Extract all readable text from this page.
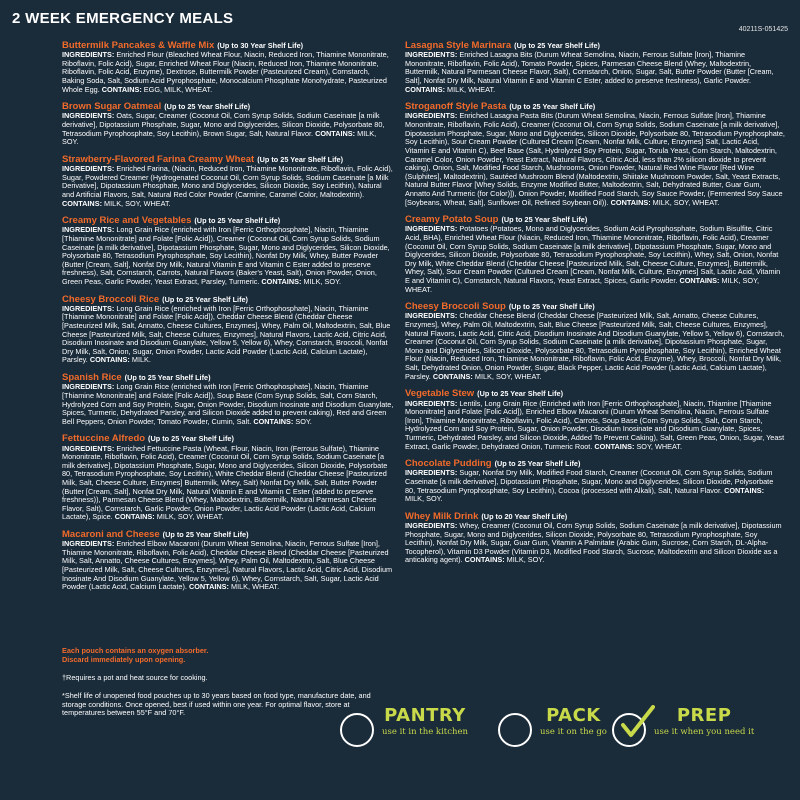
2 WEEK EMERGENCY MEALS
40211S-051425
Buttermilk Pancakes & Waffle Mix (Up to 30 Year Shelf Life)
INGREDIENTS: Enriched Flour (Bleached Wheat Flour, Niacin, Reduced Iron, Thiamine Mononitrate, Riboflavin, Folic Acid), Sugar, Enriched Wheat Flour (Niacin, Reduced Iron, Thiamine Mononitrate, Riboflavin, Folic Acid, Enzyme), Dextrose, Buttermilk Powder (Pasteurized Cream), Cornstarch, Baking Soda, Salt, Sodium Acid Pyrophosphate, Monocalcium Phosphate Monohydrate, Pasteurized Whole Egg. CONTAINS: EGG, MILK, WHEAT.
Brown Sugar Oatmeal (Up to 25 Year Shelf Life)
INGREDIENTS: Oats, Sugar, Creamer (Coconut Oil, Corn Syrup Solids, Sodium Caseinate [a milk derivative], Dipotassium Phosphate, Sugar, Mono and Diglycerides, Silicon Dioxide, Polysorbate 80, Tetrasodium Pyrophosphate, Soy Lecithin), Brown Sugar, Salt, Natural Flavor. CONTAINS: MILK, SOY.
Strawberry-Flavored Farina Creamy Wheat (Up to 25 Year Shelf Life)
INGREDIENTS: Enriched Farina, (Niacin, Reduced Iron, Thiamine Mononitrate, Riboflavin, Folic Acid), Sugar, Powdered Creamer (Hydrogenated Coconut Oil, Corn Syrup Solids, Sodium Caseinate [a Milk Derivative], Dipotassium Phosphate, Mono and Diglycerides, Silicon Dioxide, Soy Lecithin), Natural and Artificial Flavors, Salt, Natural Red Color Powder (Carmine, Caramel Color, Maltodextrin). CONTAINS: MILK, SOY, WHEAT.
Creamy Rice and Vegetables (Up to 25 Year Shelf Life)
INGREDIENTS: Long Grain Rice (enriched with Iron [Ferric Orthophosphate], Niacin, Thiamine [Thiamine Mononitrate] and Folate [Folic Acid]), Creamer (Coconut Oil, Corn Syrup Solids, Sodium Caseinate [a milk derivative], Dipotassium Phosphate, Sugar, Mono and Diglycerides, Silicon Dioxide, Polysorbate 80, Tetrasodium Pyrophosphate, Soy Lecithin), Nonfat Dry Milk, Whey, Butter Powder (Butter [Cream, Salt], Nonfat Dry Milk, Natural Vitamin E and Vitamin C Ester added to preserve freshness), Salt, Cornstarch, Carrots, Natural Flavors (Baker's Yeast, Salt), Onion Powder, Onion, Green Peas, Garlic Powder, Yeast Extract, Parsley, Turmeric. CONTAINS: MILK, SOY.
Cheesy Broccoli Rice (Up to 25 Year Shelf Life)
INGREDIENTS: Long Grain Rice (enriched with Iron [Ferric Orthophosphate], Niacin, Thiamine [Thiamine Mononitrate] and Folate [Folic Acid]), Cheddar Cheese Blend (Cheddar Cheese [Pasteurized Milk, Salt, Annatto, Cheese Cultures, Enzymes], Whey, Palm Oil, Maltodextrin, Salt, Blue Cheese [Pasteurized Milk, Salt, Cheese Cultures, Enzymes], Natural Flavors, Lactic Acid, Citric Acid, Disodium Inosinate and Disodium Guanylate, Yellow 5, Yellow 6), Whey, Cornstarch, Broccoli, Nonfat Dry Milk, Salt, Onion, Sugar, Onion Powder, Lactic Acid Powder (Lactic Acid, Calcium Lactate), Parsley. CONTAINS: MILK.
Spanish Rice (Up to 25 Year Shelf Life)
INGREDIENTS: Long Grain Rice (enriched with Iron [Ferric Orthophosphate], Niacin, Thiamine [Thiamine Mononitrate] and Folate [Folic Acid]), Soup Base (Corn Syrup Solids, Salt, Corn Starch, Hydrolyzed Corn and Soy Protein, Sugar, Onion Powder, Disodium Inosinate and Disodium Guanylate, Spices, Turmeric, Dehydrated Parsley, and Silicon Dioxide added to prevent caking), Red and Green Bell Peppers, Onion Powder, Tomato Powder, Cumin, Salt. CONTAINS: SOY.
Fettuccine Alfredo (Up to 25 Year Shelf Life)
INGREDIENTS: Enriched Fettuccine Pasta (Wheat, Flour, Niacin, Iron (Ferrous Sulfate), Thiamine Mononitrate, Riboflavin, Folic Acid), Creamer (Coconut Oil, Corn Syrup Solids, Sodium Caseinate [a milk derivative], Dipotassium Phosphate, Sugar, Mono and Diglycerides, Silicon Dioxide, Polysorbate 80, Tetrasodium Pyrophosphate, Soy Lecithin), White Cheddar Blend (Cheddar Cheese [Pasteurized Milk, Salt, Cheese Culture, Enzymes] Buttermilk, Whey, Salt) Nonfat Dry Milk, Salt, Butter Powder (Butter [Cream, Salt], Nonfat Dry Milk, Natural Vitamin E and Vitamin C Ester (added to preserve freshness)), Parmesan Cheese Blend (Whey, Maltodextrin, Buttermilk, Natural Parmesan Cheese Flavor, Salt), Cornstarch, Garlic Powder, Onion Powder, Lactic Acid Powder (Lactic Acid, Calcium Lactate), Spice. CONTAINS: MILK, SOY, WHEAT.
Macaroni and Cheese (Up to 25 Year Shelf Life)
INGREDIENTS: Enriched Elbow Macaroni (Durum Wheat Semolina, Niacin, Ferrous Sulfate [Iron], Thiamine Mononitrate, Riboflavin, Folic Acid), Cheddar Cheese Blend (Cheddar Cheese [Pasteurized Milk, Salt, Annatto, Cheese Cultures, Enzymes], Whey, Palm Oil, Maltodextrin, Salt, Blue Cheese [Pasteurized Milk, Salt, Cheese Cultures, Enzymes], Natural Flavors, Lactic Acid, Citric Acid, Disodium Inosinate And Disodium Guanylate, Yellow 5, Yellow 6), Whey, Cornstarch, Salt, Sugar, Lactic Acid Powder (Lactic Acid, Calcium Lactate). CONTAINS: MILK, WHEAT.
Lasagna Style Marinara (Up to 25 Year Shelf Life)
INGREDIENTS: Enriched Lasagna Bits (Durum Wheat Semolina, Niacin, Ferrous Sulfate [Iron], Thiamine Mononitrate, Riboflavin, Folic Acid), Tomato Powder, Spices, Parmesan Cheese Blend (Whey, Maltodextrin, Buttermilk, Natural Parmesan Cheese Flavor, Salt), Cornstarch, Onion, Sugar, Salt, Butter Powder (Butter [Cream, Salt], Nonfat Dry Milk, Natural Vitamin E and Vitamin C Ester, added to preserve freshness), Garlic Powder. CONTAINS: MILK, WHEAT.
Stroganoff Style Pasta (Up to 25 Year Shelf Life)
INGREDIENTS: Enriched Lasagna Pasta Bits (Durum Wheat Semolina, Niacin, Ferrous Sulfate [Iron], Thiamine Mononitrate, Riboflavin, Folic Acid), Creamer (Coconut Oil, Corn Syrup Solids, Sodium Caseinate [a milk derivative], Dipotassium Phosphate, Sugar, Mono and Diglycerides, Silicon Dioxide, Polysorbate 80, Tetrasodium Pyrophosphate, Soy Lecithin), Sour Cream Powder (Cultured Cream [Cream, Nonfat Milk, Culture, Enzymes] Salt, Lactic Acid, Vitamin E and Vitamin C), Beef Base (Salt, Hydrolyzed Soy Protein, Sugar, Torula Yeast, Corn Starch, Maltodextrin, Caramel Color, Onion Powder, Yeast Extract, Natural Flavors, Citric Acid, less than 2% silicon dioxide to prevent caking), Onion, Salt, Modified Food Starch, Mushrooms, Onion Powder, Natural Red Wine Flavor [Red Wine (Sulphites], Maltodextrin), Sautéed Mushroom Blend (Maltodextrin, Shiitake Mushroom Powder, Salt, Yeast Extracts, Natural Butter Flavor [Whey Solids, Enzyme Modified Butter, Maltodextrin, Salt, Dehydrated Butter, Guar Gum, Annatto And Turmeric (for Color)]), Onion Powder, Modified Food Starch, Soy Sauce Powder, (Fermented Soy Sauce [Soybeans, Wheat, Salt], Sunflower Oil, Refined Soybean Oil)). CONTAINS: MILK, SOY, WHEAT.
Creamy Potato Soup (Up to 25 Year Shelf Life)
INGREDIENTS: Potatoes (Potatoes, Mono and Diglycerides, Sodium Acid Pyrophosphate, Sodium Bisulfite, Citric Acid, BHA), Enriched Wheat Flour (Niacin, Reduced Iron, Thiamine Mononitrate, Riboflavin, Folic Acid), Creamer (Coconut Oil, Corn Syrup Solids, Sodium Caseinate [a milk derivative], Dipotassium Phosphate, Sugar, Mono and Diglycerides, Silicon Dioxide, Polysorbate 80, Tetrasodium Pyrophosphate, Soy Lecithin), Whey, Salt, Onion, Nonfat Dry Milk, White Cheddar Blend (Cheddar Cheese [Pasteurized Milk, Salt, Cheese Culture, Enzymes], Buttermilk, Whey, Salt), Sour Cream Powder (Cultured Cream [Cream, Nonfat Milk, Culture, Enzymes] Salt, Lactic Acid, Vitamin E and Vitamin C), Cornstarch, Natural Flavors, Yeast Extract, Spices, Garlic Powder. CONTAINS: MILK, SOY, WHEAT.
Cheesy Broccoli Soup (Up to 25 Year Shelf Life)
INGREDIENTS: Cheddar Cheese Blend (Cheddar Cheese [Pasteurized Milk, Salt, Annatto, Cheese Cultures, Enzymes], Whey, Palm Oil, Maltodextrin, Salt, Blue Cheese [Pasteurized Milk, Salt, Cheese Cultures, Enzymes], Natural Flavors, Lactic Acid, Citric Acid, Disodium Inosinate And Disodium Guanylate, Yellow 5, Yellow 6), Cornstarch, Creamer (Coconut Oil, Corn Syrup Solids, Sodium Caseinate [a milk derivative], Dipotassium Phosphate, Sugar, Mono and Diglycerides, Silicon Dioxide, Polysorbate 80, Tetrasodium Pyrophosphate, Soy Lecithin), Enriched Wheat Flour (Niacin, Reduced Iron, Thiamine Mononitrate, Riboflavin, Folic Acid, Enzyme), Whey, Broccoli, Nonfat Dry Milk, Salt, Dehydrated Onion, Onion Powder, Sugar, Black Pepper, Lactic Acid Powder (Lactic Acid, Calcium Lactate), Parsley. CONTAINS: MILK, SOY, WHEAT.
Vegetable Stew (Up to 25 Year Shelf Life)
INGREDIENTS: Lentils, Long Grain Rice (Enriched with Iron [Ferric Orthophosphate], Niacin, Thiamine [Thiamine Mononitrate] and Folate [Folic Acid]), Enriched Elbow Macaroni (Durum Wheat Semolina, Niacin, Ferrous Sulfate [Iron], Thiamine Mononitrate, Riboflavin, Folic Acid), Carrots, Soup Base (Corn Syrup Solids, Salt, Corn Starch, Hydrolyzed Corn and Soy Protein, Sugar, Onion Powder, Disodium Inosinate and Disodium Guanylate, Spices, Turmeric, Dehydrated Parsley, and Silicon Dioxide, Added To Prevent Caking), Salt, Green Peas, Onion, Sugar, Yeast Extract, Garlic Powder, Dehydrated Onion, Turmeric Root. CONTAINS: SOY, WHEAT.
Chocolate Pudding (Up to 25 Year Shelf Life)
INGREDIENTS: Sugar, Nonfat Dry Milk, Modified Food Starch, Creamer (Coconut Oil, Corn Syrup Solids, Sodium Caseinate [a milk derivative], Dipotassium Phosphate, Sugar, Mono and Diglycerides, Silicon Dioxide, Polysorbate 80, Tetrasodium Pyrophosphate, Soy Lecithin), Cocoa (processed with Alkali), Salt, Natural Flavor. CONTAINS: MILK, SOY.
Whey Milk Drink (Up to 20 Year Shelf Life)
INGREDIENTS: Whey, Creamer (Coconut Oil, Corn Syrup Solids, Sodium Caseinate [a milk derivative], Dipotassium Phosphate, Sugar, Mono and Diglycerides, Silicon Dioxide, Polysorbate 80, Tetrasodium Pyrophosphate, Soy Lecithin), Nonfat Dry Milk, Sugar, Guar Gum, Vitamin A Palmitate (Arabic Gum, Sucrose, Corn Starch, DL-Alpha-Tocopherol), Vitamin D3 Powder (Vitamin D3, Modified Food Starch, Sucrose, Maltodextrin and Silicon Dioxide as a anticaking agent). CONTAINS: MILK, SOY.
Each pouch contains an oxygen absorber.
Discard immediately upon opening.
†Requires a pot and heat source for cooking.
*Shelf life of unopened food pouches up to 30 years based on food type, manufacture date, and storage conditions. Once opened, best if used within one year. For optimal flavor, store at temperatures between 55°F and 70°F.	PANTRY
use it in the kitchen
PACK
use it on the go
PREP
use it when you need it
